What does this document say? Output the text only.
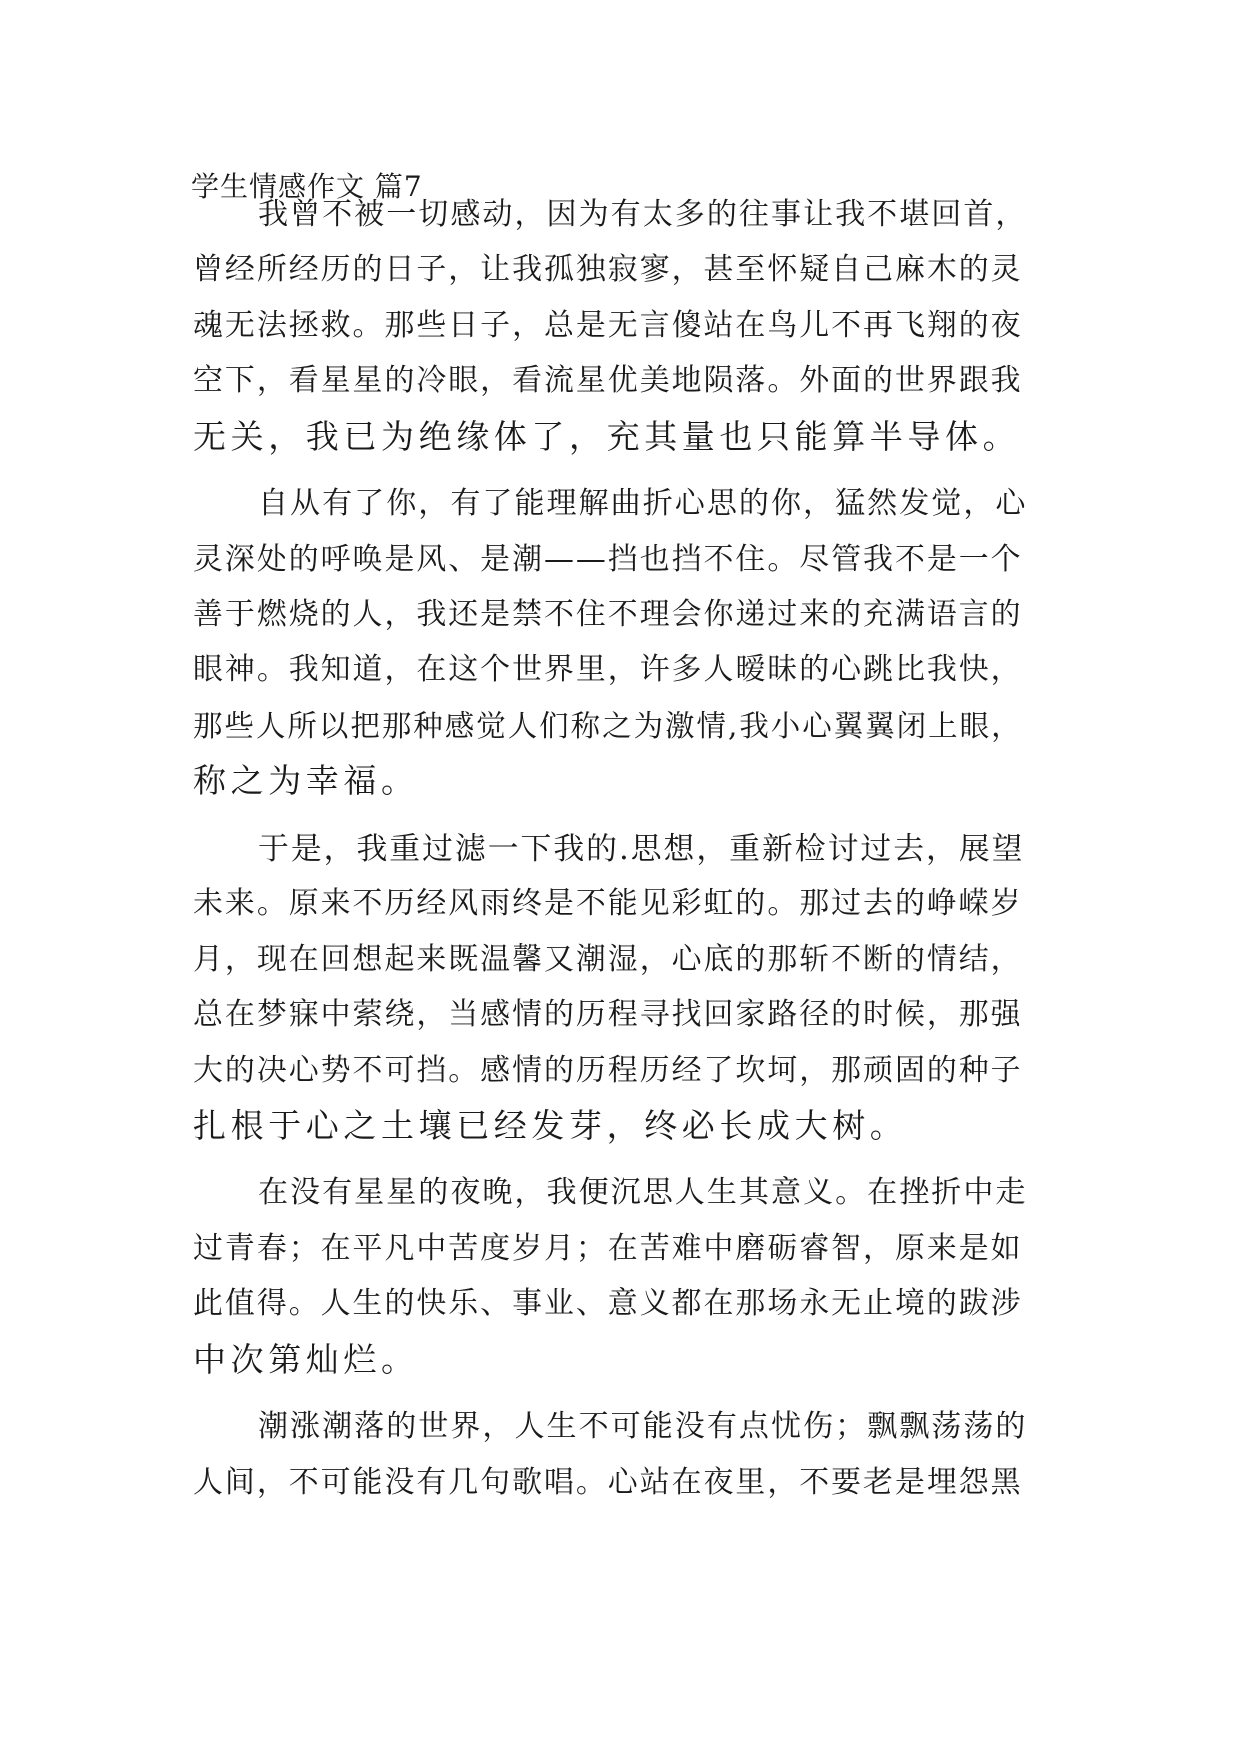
学生情感作文 篇7
我曾不被一切感动，因为有太多的往事让我不堪回首，
曾经所经历的日子，让我孤独寂寥，甚至怀疑自己麻木的灵
魂无法拯救。那些日子，总是无言傻站在鸟儿不再飞翔的夜
空下，看星星的冷眼，看流星优美地陨落。外面的世界跟我
无关，我已为绝缘体了，充其量也只能算半导体。
自从有了你，有了能理解曲折心思的你，猛然发觉，心
灵深处的呼唤是风、是潮——挡也挡不住。尽管我不是一个
善于燃烧的人，我还是禁不住不理会你递过来的充满语言的
眼神。我知道，在这个世界里，许多人暧昧的心跳比我快，
那些人所以把那种感觉人们称之为激情,我小心翼翼闭上眼，
称之为幸福。
于是，我重过滤一下我的.思想，重新检讨过去，展望
未来。原来不历经风雨终是不能见彩虹的。那过去的峥嵘岁
月，现在回想起来既温馨又潮湿，心底的那斩不断的情结，
总在梦寐中萦绕，当感情的历程寻找回家路径的时候，那强
大的决心势不可挡。感情的历程历经了坎坷，那顽固的种子
扎根于心之土壤已经发芽，终必长成大树。
在没有星星的夜晚，我便沉思人生其意义。在挫折中走
过青春；在平凡中苦度岁月；在苦难中磨砺睿智，原来是如
此值得。人生的快乐、事业、意义都在那场永无止境的跋涉
中次第灿烂。
潮涨潮落的世界，人生不可能没有点忧伤；飘飘荡荡的
人间，不可能没有几句歌唱。心站在夜里，不要老是埋怨黑
